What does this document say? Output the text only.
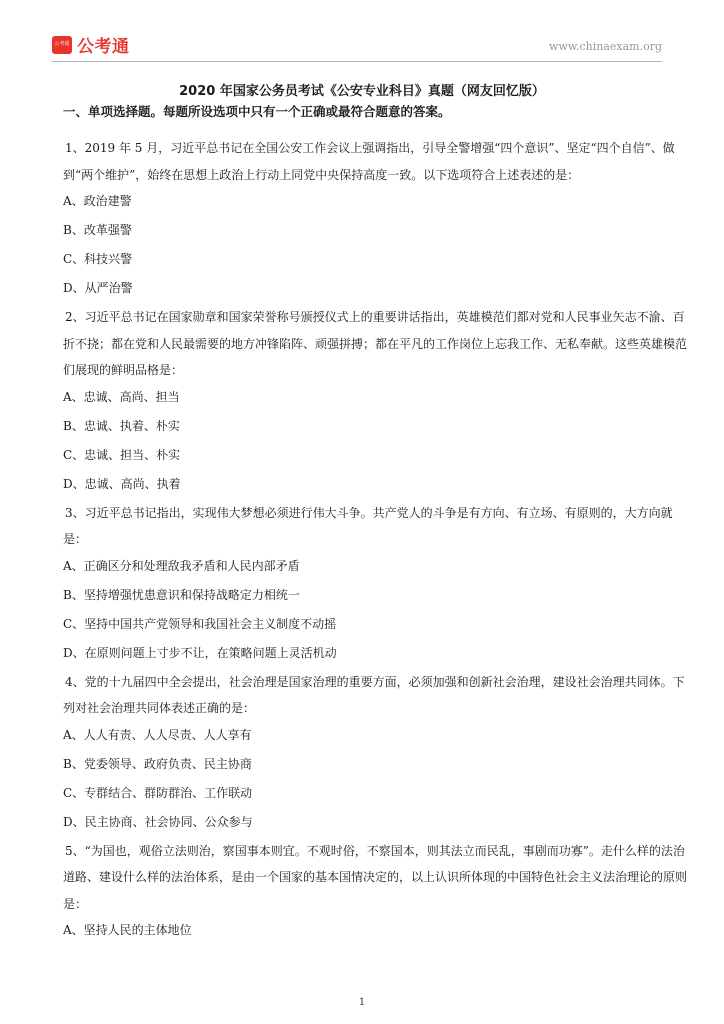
公考通 公考通	www.chinaexam.org
2020 年国家公务员考试《公安专业科目》真题（网友回忆版）

一、单项选择题。每题所设选项中只有一个正确或最符合题意的答案。

1、2019 年 5 月，习近平总书记在全国公安工作会议上强调指出，引导全警增强“四个意识”、坚定“四个自信”、做到“两个维护”，始终在思想上政治上行动上同党中央保持高度一致。以下选项符合上述表述的是：

A、政治建警

B、改革强警

C、科技兴警

D、从严治警

2、习近平总书记在国家勋章和国家荣誉称号颁授仪式上的重要讲话指出，英雄模范们都对党和人民事业矢志不渝、百折不挠；都在党和人民最需要的地方冲锋陷阵、顽强拼搏；都在平凡的工作岗位上忘我工作、无私奉献。这些英雄模范们展现的鲜明品格是：

A、忠诚、高尚、担当

B、忠诚、执着、朴实

C、忠诚、担当、朴实

D、忠诚、高尚、执着

3、习近平总书记指出，实现伟大梦想必须进行伟大斗争。共产党人的斗争是有方向、有立场、有原则的，大方向就是：

A、正确区分和处理敌我矛盾和人民内部矛盾

B、坚持增强忧患意识和保持战略定力相统一

C、坚持中国共产党领导和我国社会主义制度不动摇

D、在原则问题上寸步不让，在策略问题上灵活机动

4、党的十九届四中全会提出，社会治理是国家治理的重要方面，必须加强和创新社会治理，建设社会治理共同体。下列对社会治理共同体表述正确的是：

A、人人有责、人人尽责、人人享有

B、党委领导、政府负责、民主协商

C、专群结合、群防群治、工作联动

D、民主协商、社会协同、公众参与

5、“为国也，观俗立法则治，察国事本则宜。不观时俗，不察国本，则其法立而民乱，事剧而功寡”。走什么样的法治道路、建设什么样的法治体系，是由一个国家的基本国情决定的，以上认识所体现的中国特色社会主义法治理论的原则是：

A、坚持人民的主体地位

1
